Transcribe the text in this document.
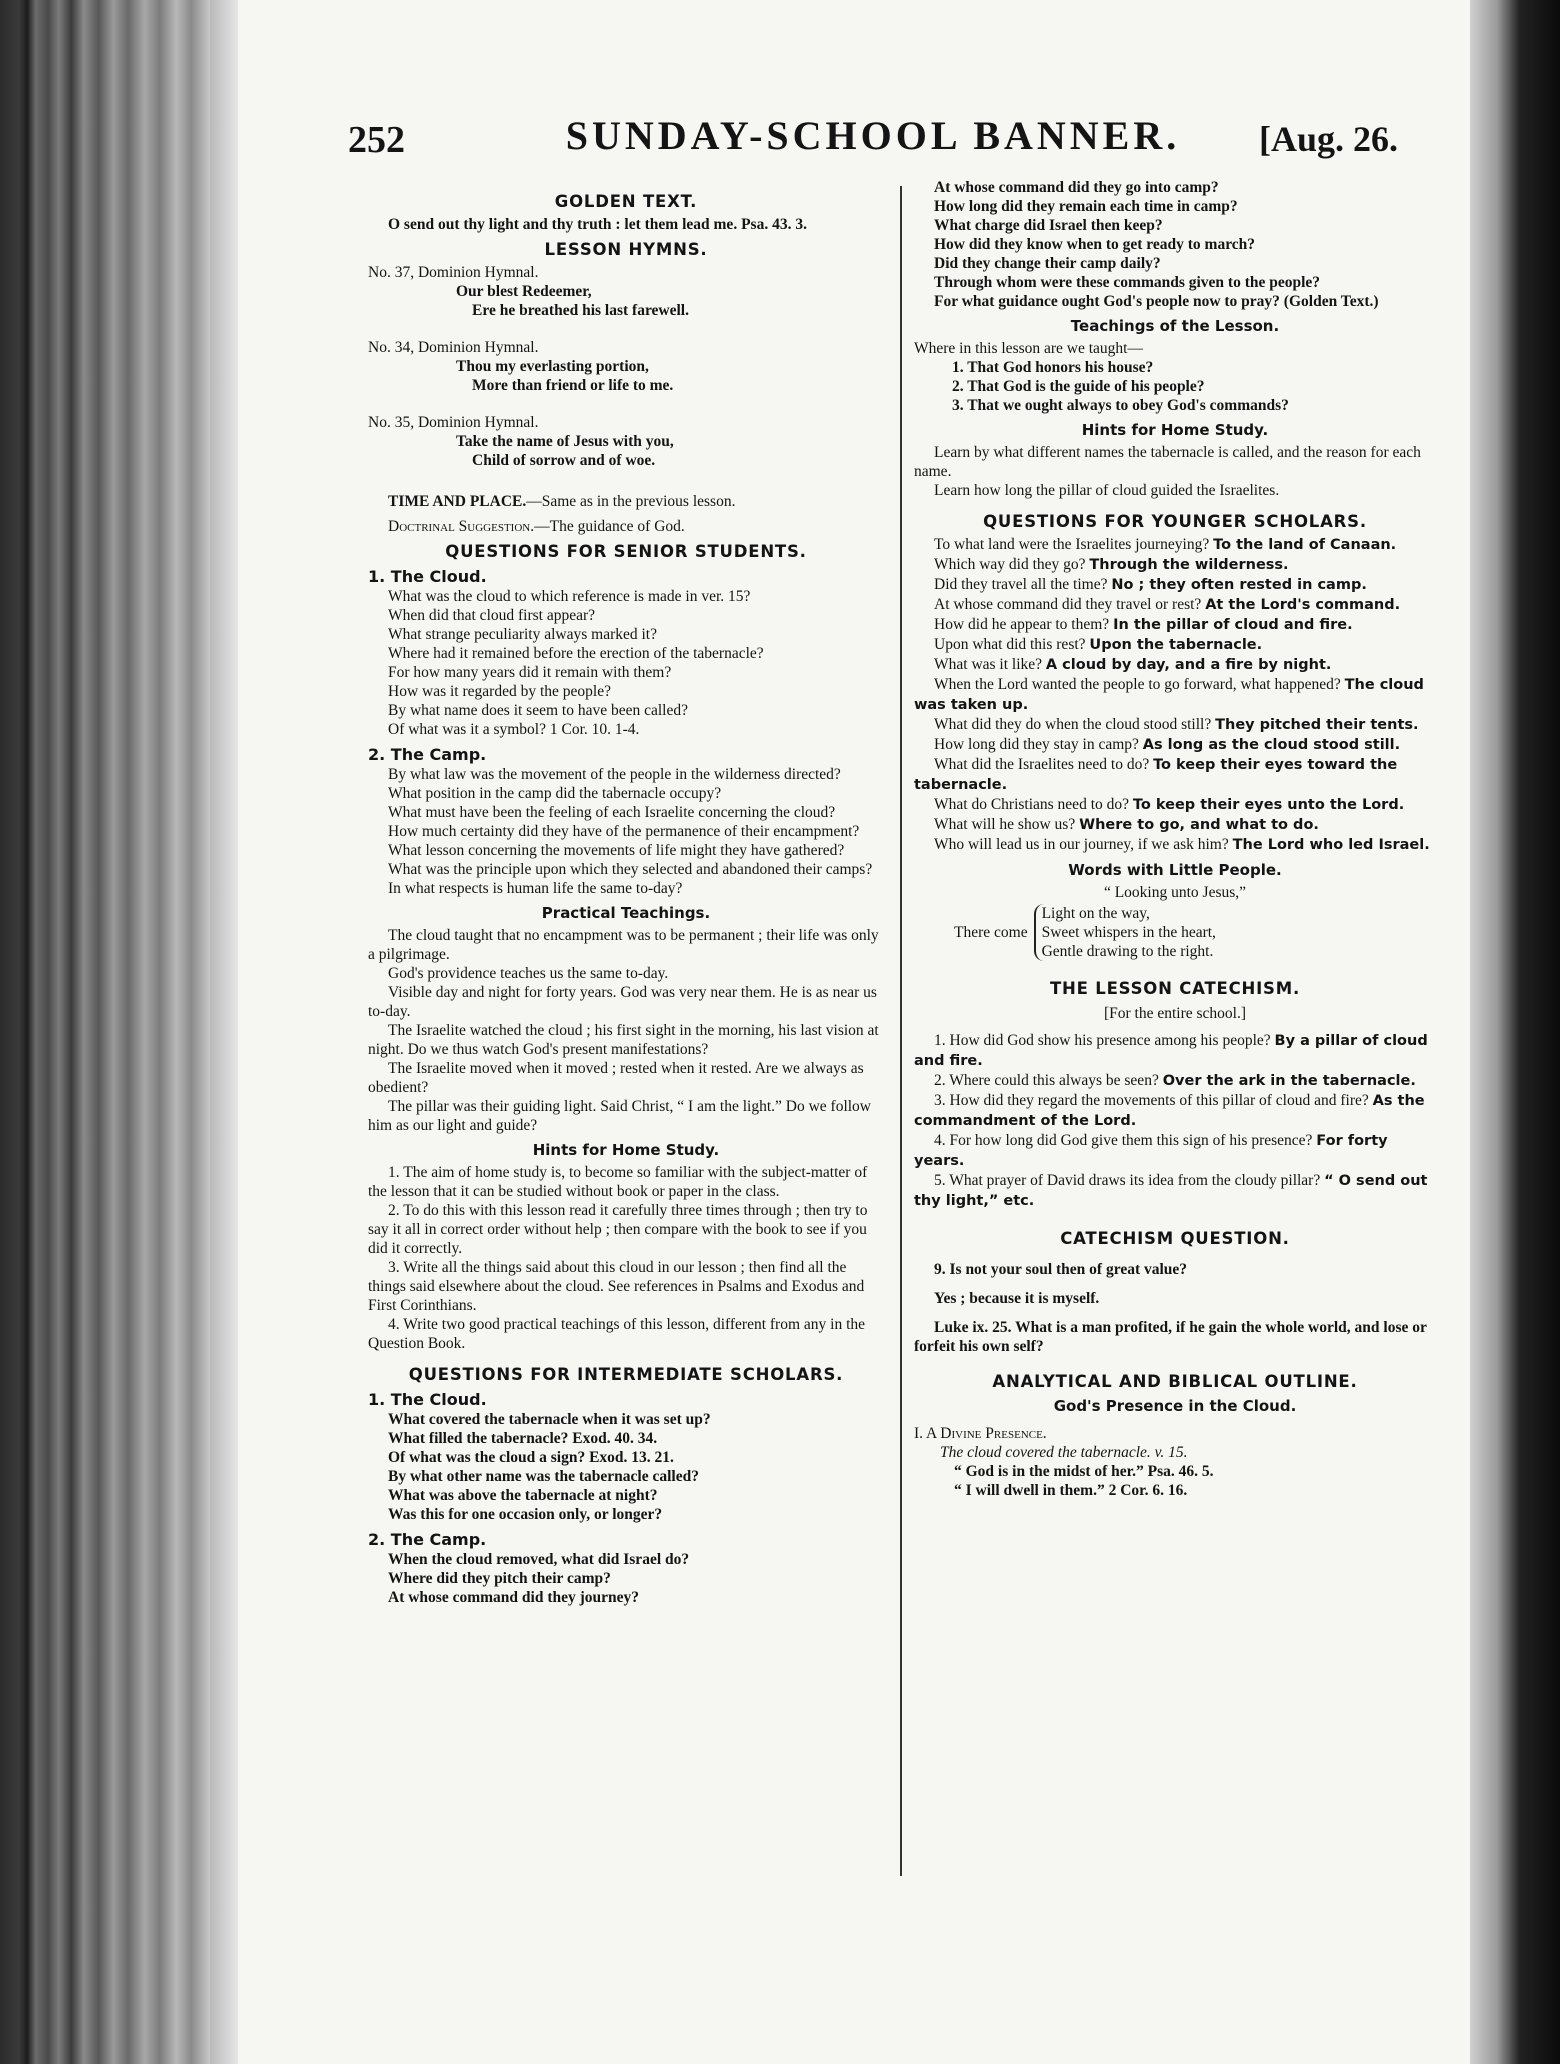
252	SUNDAY-SCHOOL BANNER.	[Aug. 26.
GOLDEN TEXT.

O send out thy light and thy truth : let them lead me. Psa. 43. 3.

LESSON HYMNS.

No. 37, Dominion Hymnal.

Our blest Redeemer,
Ere he breathed his last farewell.

No. 34, Dominion Hymnal.

Thou my everlasting portion,
More than friend or life to me.

No. 35, Dominion Hymnal.

Take the name of Jesus with you,
Child of sorrow and of woe.

TIME AND PLACE.—Same as in the previous lesson.

Doctrinal Suggestion.—The guidance of God.

QUESTIONS FOR SENIOR STUDENTS.
1. The Cloud.

What was the cloud to which reference is made in ver. 15?

When did that cloud first appear?

What strange peculiarity always marked it?

Where had it remained before the erection of the tabernacle?

For how many years did it remain with them?

How was it regarded by the people?

By what name does it seem to have been called?

Of what was it a symbol? 1 Cor. 10. 1-4.

2. The Camp.

By what law was the movement of the people in the wilderness directed?

What position in the camp did the tabernacle occupy?

What must have been the feeling of each Israelite concerning the cloud?

How much certainty did they have of the permanence of their encampment?

What lesson concerning the movements of life might they have gathered?

What was the principle upon which they selected and abandoned their camps?

In what respects is human life the same to-day?

Practical Teachings.

The cloud taught that no encampment was to be permanent ; their life was only a pilgrimage.

God's providence teaches us the same to-day.

Visible day and night for forty years. God was very near them. He is as near us to-day.

The Israelite watched the cloud ; his first sight in the morning, his last vision at night. Do we thus watch God's present manifestations?

The Israelite moved when it moved ; rested when it rested. Are we always as obedient?

The pillar was their guiding light. Said Christ, “ I am the light.” Do we follow him as our light and guide?

Hints for Home Study.

1. The aim of home study is, to become so familiar with the subject-matter of the lesson that it can be studied without book or paper in the class.

2. To do this with this lesson read it carefully three times through ; then try to say it all in correct order without help ; then compare with the book to see if you did it correctly.

3. Write all the things said about this cloud in our lesson ; then find all the things said elsewhere about the cloud. See references in Psalms and Exodus and First Corinthians.

4. Write two good practical teachings of this lesson, different from any in the Question Book.

QUESTIONS FOR INTERMEDIATE SCHOLARS.
1. The Cloud.

What covered the tabernacle when it was set up?

What filled the tabernacle? Exod. 40. 34.

Of what was the cloud a sign? Exod. 13. 21.

By what other name was the tabernacle called?

What was above the tabernacle at night?

Was this for one occasion only, or longer?

2. The Camp.

When the cloud removed, what did Israel do?

Where did they pitch their camp?

At whose command did they journey?

At whose command did they go into camp?

How long did they remain each time in camp?

What charge did Israel then keep?

How did they know when to get ready to march?

Did they change their camp daily?

Through whom were these commands given to the people?

For what guidance ought God's people now to pray? (Golden Text.)

Teachings of the Lesson.

Where in this lesson are we taught—

1. That God honors his house?

2. That God is the guide of his people?

3. That we ought always to obey God's commands?

Hints for Home Study.

Learn by what different names the tabernacle is called, and the reason for each name.

Learn how long the pillar of cloud guided the Israelites.

QUESTIONS FOR YOUNGER SCHOLARS.

To what land were the Israelites journeying? To the land of Canaan.

Which way did they go? Through the wilderness.

Did they travel all the time? No ; they often rested in camp.

At whose command did they travel or rest? At the Lord's command.

How did he appear to them? In the pillar of cloud and fire.

Upon what did this rest? Upon the tabernacle.

What was it like? A cloud by day, and a fire by night.

When the Lord wanted the people to go forward, what happened? The cloud was taken up.

What did they do when the cloud stood still? They pitched their tents.

How long did they stay in camp? As long as the cloud stood still.

What did the Israelites need to do? To keep their eyes toward the tabernacle.

What do Christians need to do? To keep their eyes unto the Lord.

What will he show us? Where to go, and what to do.

Who will lead us in our journey, if we ask him? The Lord who led Israel.

Words with Little People.

“ Looking unto Jesus,”

There come

Light on the way,

Sweet whispers in the heart,

Gentle drawing to the right.

THE LESSON CATECHISM.

[For the entire school.]

1. How did God show his presence among his people? By a pillar of cloud and fire.

2. Where could this always be seen? Over the ark in the tabernacle.

3. How did they regard the movements of this pillar of cloud and fire? As the commandment of the Lord.

4. For how long did God give them this sign of his presence? For forty years.

5. What prayer of David draws its idea from the cloudy pillar? “ O send out thy light,” etc.

CATECHISM QUESTION.

9. Is not your soul then of great value?

Yes ; because it is myself.

Luke ix. 25. What is a man profited, if he gain the whole world, and lose or forfeit his own self?

ANALYTICAL AND BIBLICAL OUTLINE.
God's Presence in the Cloud.

I. A Divine Presence.

The cloud covered the tabernacle. v. 15.

“ God is in the midst of her.” Psa. 46. 5.

“ I will dwell in them.” 2 Cor. 6. 16.
